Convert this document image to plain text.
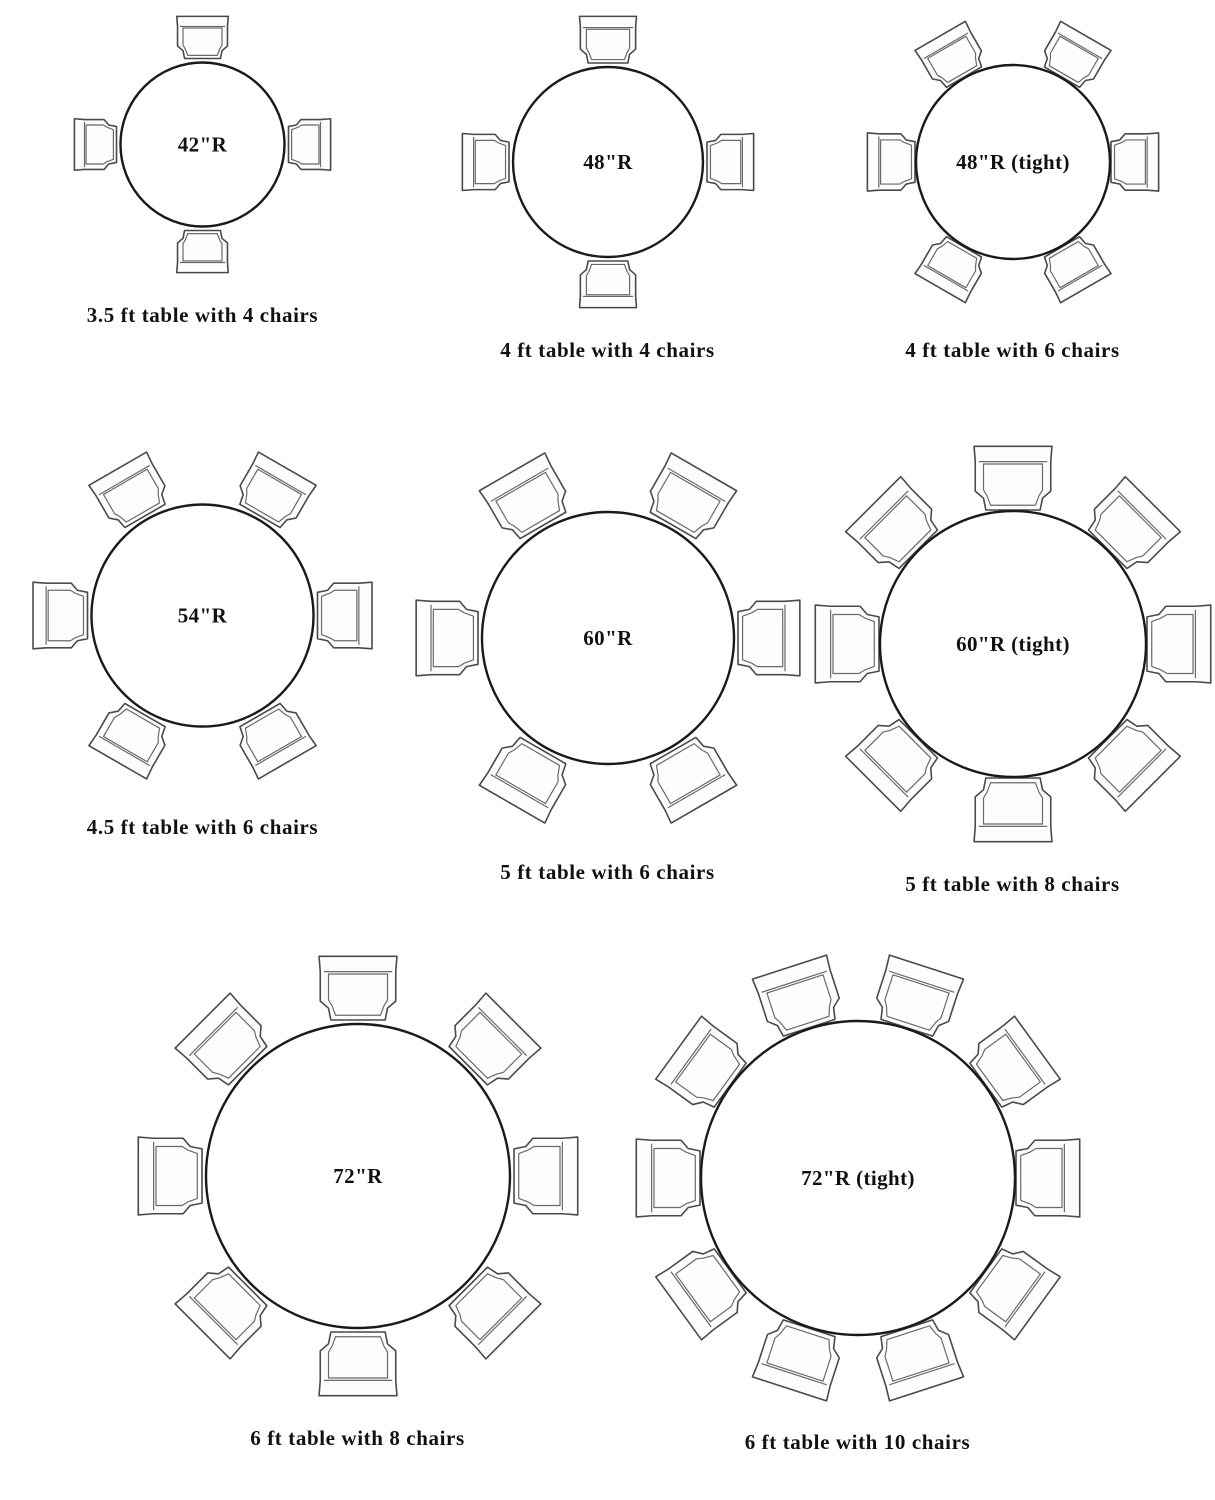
42"R
3.5 ft table with 4 chairs
48"R
4 ft table with 4 chairs
48"R (tight)
4 ft table with 6 chairs
54"R
4.5 ft table with 6 chairs
60"R
5 ft table with 6 chairs
60"R (tight)
5 ft table with 8 chairs
72"R
6 ft table with 8 chairs
72"R (tight)
6 ft table with 10 chairs
